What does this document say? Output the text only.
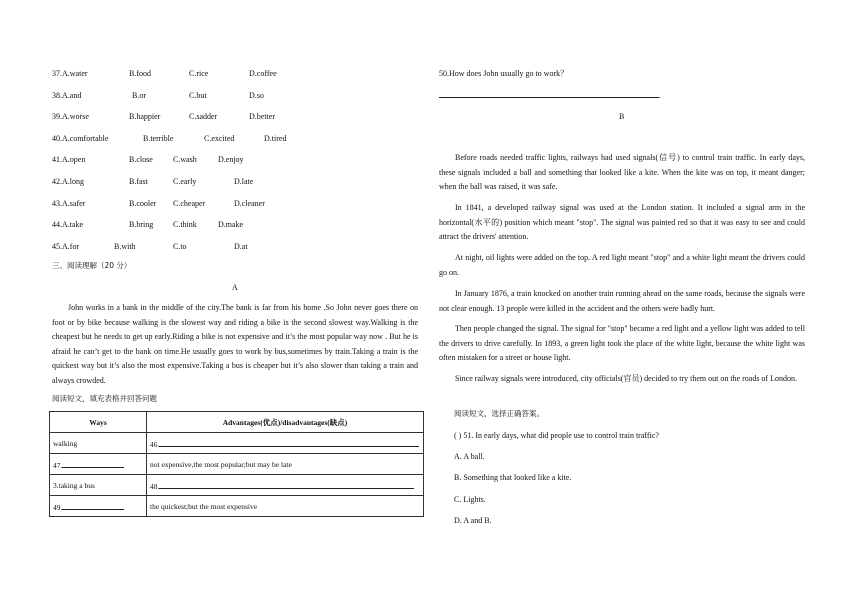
37.A.water	B.food	C.rice	D.coffee
38.A.and	B.or	C.but	D.so
39.A.worse	B.happier	C.sadder	D.better
40.A.comfortable	B.terrible	C.excited	D.tired
41.A.open	B.close	C.wash	D.enjoy
42.A.long	B.fast	C.early	D.late
43.A.safer	B.cooler C.cheaper	D.cleaner
44.A.take	B.bring C.think	D.make
45.A.for	B.with	C.to	D.at
三、阅读理解（20 分）
A
John works in a bank in the middle of the city.The bank is far from his home .So John never goes there on foot or by bike because walking is the slowest way and riding a bike is the second slowest way.Walking is the cheapest but he needs to get up early.Riding a bike is not expensive and it’s the most popular way now . But he is afraid he can’t get to the bank on time.He usually goes to work by bus,sometimes by train.Taking a train is the quickest way but it’s also the most expensive.Taking a bus is cheaper but it’s also slower than taking a train and always crowded.
阅读短文，填充表格并回答问题
Ways	Advantages(优点)/disadvantages(缺点)
walking	46.
47.	not expensive,the most popular;but may be late
3.taking a bus	48.
49.	the quickest;but the most expensive
50.How does John usually go to work？
.
B
Before roads needed traffic lights, railways had used signals(信号) to control train traffic. In early days, these signals included a ball and something that looked like a kite. When the kite was on top, it meant danger; when the ball was raised, it was safe.
In 1841, a developed railway signal was used at the London station. It included a signal arm in the horizontal(水平的) position which meant "stop". The signal was painted red so that it was easy to see and could attract the drivers' attention.
At night, oil lights were added on the top. A red light meant "stop" and a white light meant the drivers could go on.
In January 1876, a train knocked on another train running ahead on the same roads, because the signals were not clear enough. 13 people were killed in the accident and the others were badly hurt.
Then people changed the signal. The signal for "stop" became a red light and a yellow light was added to tell the drivers to drive carefully. In 1893, a green light took the place of the white light, because the white light was often mistaken for a street or house light.
Since railway signals were introduced, city officials(官员) decided to try them out on the roads of London.
阅读短文，选择正确答案。
( ) 51. In early days, what did people use to control train traffic?
A. A ball.
B. Something that looked like a kite.
C. Lights.
D. A and B.
